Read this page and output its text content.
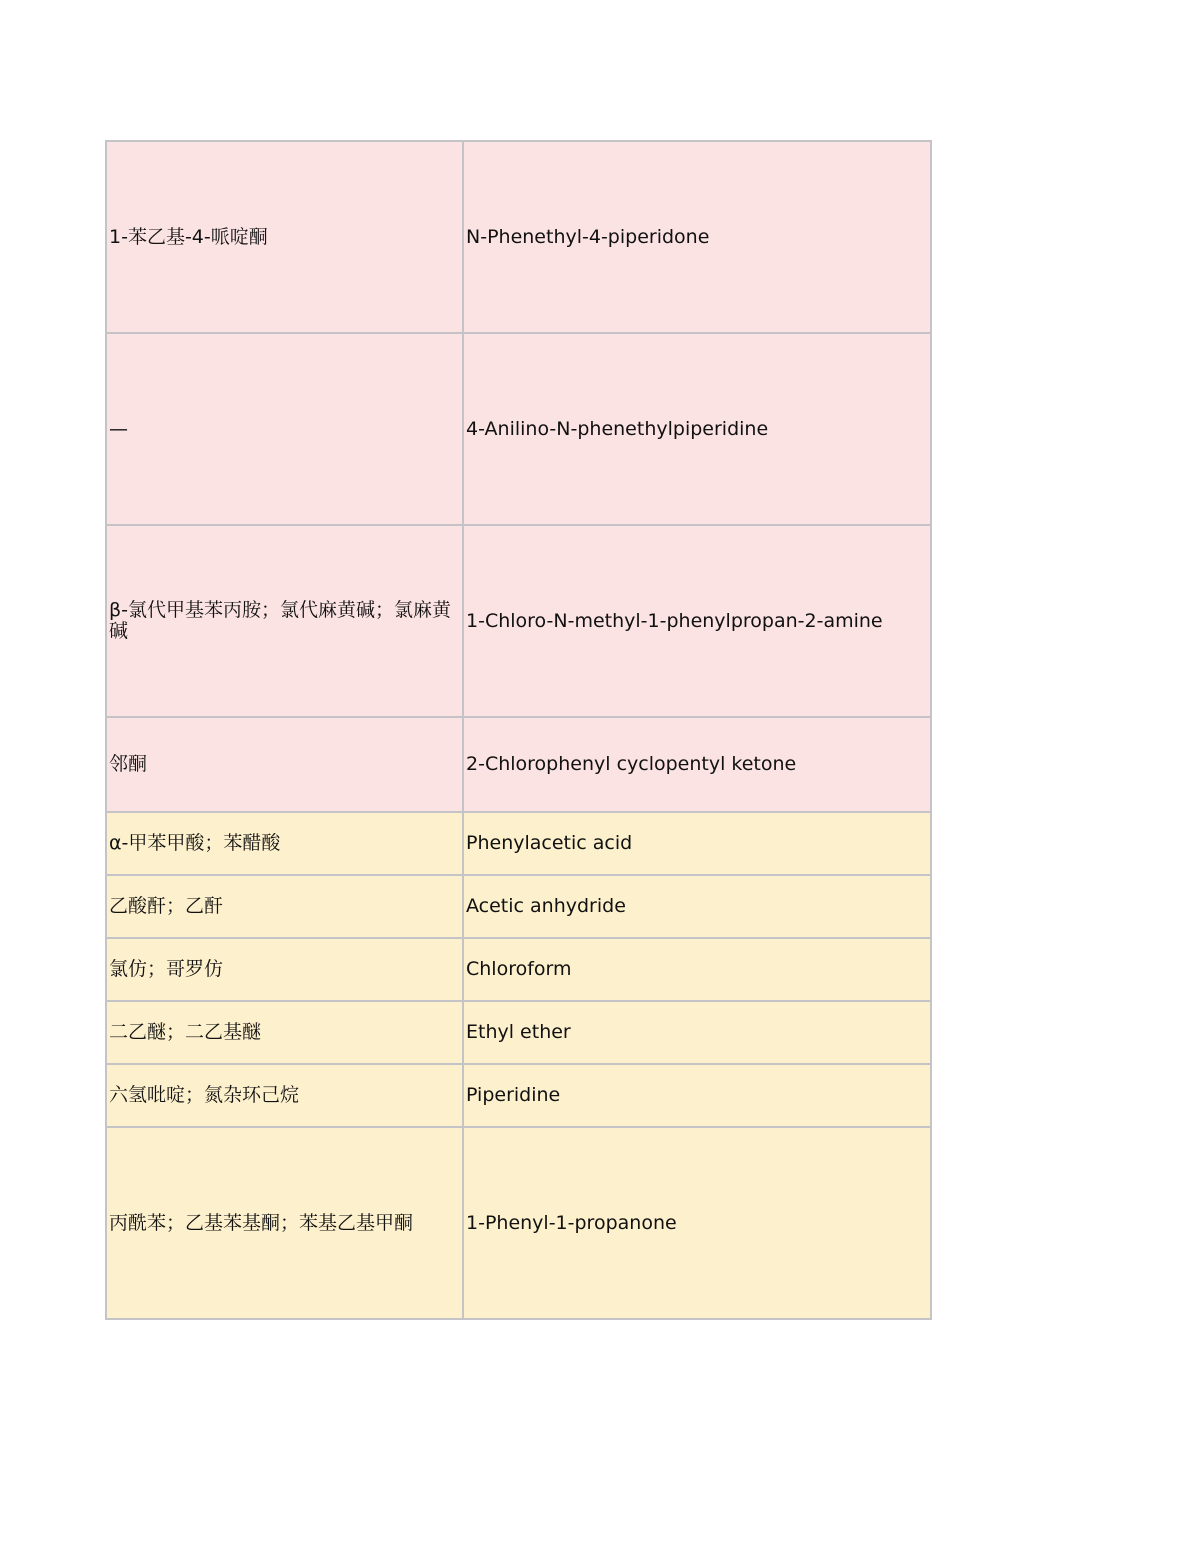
1-苯乙基-4-哌啶酮	N-Phenethyl-4-piperidone
—	4-Anilino-N-phenethylpiperidine
β-氯代甲基苯丙胺；氯代麻黄碱；氯麻黄碱	1-Chloro-N-methyl-1-phenylpropan-2-amine
邻酮	2-Chlorophenyl cyclopentyl ketone
α-甲苯甲酸；苯醋酸	Phenylacetic acid
乙酸酐；乙酐	Acetic anhydride
氯仿；哥罗仿	Chloroform
二乙醚；二乙基醚	Ethyl ether
六氢吡啶；氮杂环己烷	Piperidine
丙酰苯；乙基苯基酮；苯基乙基甲酮	1-Phenyl-1-propanone
